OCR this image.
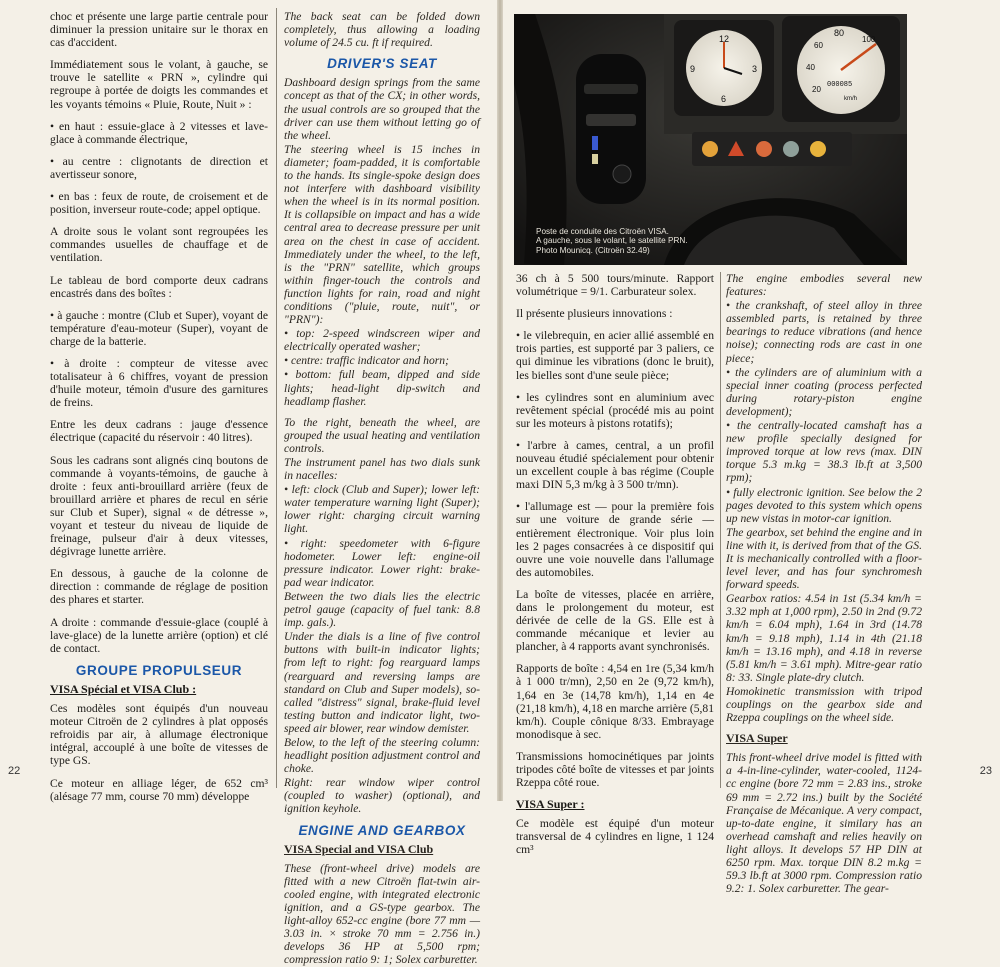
choc et présente une large partie centrale pour diminuer la pression unitaire sur le thorax en cas d'accident.

Immédiatement sous le volant, à gauche, se trouve le satellite « PRN », cylindre qui regroupe à portée de doigts les commandes et les voyants témoins « Pluie, Route, Nuit » :

• en haut : essuie-glace à 2 vitesses et lave-glace à commande électrique,

• au centre : clignotants de direction et avertisseur sonore,

• en bas : feux de route, de croisement et de position, inverseur route-code; appel optique.

A droite sous le volant sont regroupées les commandes usuelles de chauffage et de ventilation.

Le tableau de bord comporte deux cadrans encastrés dans des boîtes :

• à gauche : montre (Club et Super), voyant de température d'eau-moteur (Super), voyant de charge de la batterie.

• à droite : compteur de vitesse avec totalisateur à 6 chiffres, voyant de pression d'huile moteur, témoin d'usure des garnitures de freins.

Entre les deux cadrans : jauge d'essence électrique (capacité du réservoir : 40 litres).

Sous les cadrans sont alignés cinq boutons de commande à voyants-témoins, de gauche à droite : feux anti-brouillard arrière (feux de brouillard arrière et phares de recul en série sur Club et Super), signal « de détresse », voyant et testeur du niveau de liquide de freinage, pulseur d'air à deux vitesses, dégivrage lunette arrière.

En dessous, à gauche de la colonne de direction : commande de réglage de position des phares et starter.

A droite : commande d'essuie-glace (couplé à lave-glace) de la lunette arrière (option) et clé de contact.

GROUPE PROPULSEUR
VISA Spécial et VISA Club :

Ces modèles sont équipés d'un nouveau moteur Citroën de 2 cylindres à plat opposés refroidis par air, à allumage électronique intégral, accouplé à une boîte de vitesses de type GS.

Ce moteur en alliage léger, de 652 cm³ (alésage 77 mm, course 70 mm) développe

The back seat can be folded down completely, thus allowing a loading volume of 24.5 cu. ft if required.

DRIVER'S SEAT

Dashboard design springs from the same concept as that of the CX; in other words, the usual controls are so grouped that the driver can use them without letting go of the wheel.

The steering wheel is 15 inches in diameter; foam-padded, it is comfortable to the hands. Its single-spoke design does not interfere with dashboard visibility when the wheel is in its normal position. It is collapsible on impact and has a wide central area to decrease pressure per unit area on the chest in case of accident. Immediately under the wheel, to the left, is the "PRN" satellite, which groups within finger-touch the controls and function lights for rain, road and night conditions ("pluie, route, nuit", or "PRN"):

• top: 2-speed windscreen wiper and electrically operated washer;

• centre: traffic indicator and horn;

• bottom: full beam, dipped and side lights; head-light dip-switch and headlamp flasher.

To the right, beneath the wheel, are grouped the usual heating and ventilation controls.

The instrument panel has two dials sunk in nacelles:

• left: clock (Club and Super); lower left: water temperature warning light (Super); lower right: charging circuit warning light.

• right: speedometer with 6-figure hodometer. Lower left: engine-oil pressure indicator. Lower right: brake-pad wear indicator.

Between the two dials lies the electric petrol gauge (capacity of fuel tank: 8.8 imp. gals.).

Under the dials is a line of five control buttons with built-in indicator lights; from left to right: fog rearguard lamps (rearguard and reversing lamps are standard on Club and Super models), so-called "distress" signal, brake-fluid level testing button and indicator light, two-speed air blower, rear window demister.

Below, to the left of the steering column: headlight position adjustment control and choke.

Right: rear window wiper control (coupled to washer) (optional), and ignition keyhole.

ENGINE AND GEARBOX
VISA Special and VISA Club

These (front-wheel drive) models are fitted with a new Citroën flat-twin air-cooled engine, with integrated electronic ignition, and a GS-type gearbox. The light-alloy 652-cc engine (bore 77 mm — 3.03 in. × stroke 70 mm = 2.756 in.) develops 36 HP at 5,500 rpm; compression ratio 9: 1; Solex carburetter.

22
12
9	3
6
60
80
100
40
20 000085
km/h
Poste de conduite des Citroën VISA.
A gauche, sous le volant, le satellite PRN.
Photo Mounicq. (Citroën 32.49)

36 ch à 5 500 tours/minute. Rapport volumétrique = 9/1. Carburateur solex.

Il présente plusieurs innovations :

• le vilebrequin, en acier allié assemblé en trois parties, est supporté par 3 paliers, ce qui diminue les vibrations (donc le bruit), les bielles sont d'une seule pièce;

• les cylindres sont en aluminium avec revêtement spécial (procédé mis au point sur les moteurs à pistons rotatifs);

• l'arbre à cames, central, a un profil nouveau étudié spécialement pour obtenir un excellent couple à bas régime (Couple maxi DIN 5,3 m/kg à 3 500 tr/mn).

• l'allumage est — pour la première fois sur une voiture de grande série — entièrement électronique. Voir plus loin les 2 pages consacrées à ce dispositif qui ouvre une voie nouvelle dans l'allumage des automobiles.

La boîte de vitesses, placée en arrière, dans le prolongement du moteur, est dérivée de celle de la GS. Elle est à commande mécanique et levier au plancher, à 4 rapports avant synchronisés.

Rapports de boîte : 4,54 en 1re (5,34 km/h à 1 000 tr/mn), 2,50 en 2e (9,72 km/h), 1,64 en 3e (14,78 km/h), 1,14 en 4e (21,18 km/h), 4,18 en marche arrière (5,81 km/h). Couple cônique 8/33. Embrayage monodisque à sec.

Transmissions homocinétiques par joints tripodes côté boîte de vitesses et par joints Rzeppa côté roue.

VISA Super :

Ce modèle est équipé d'un moteur transversal de 4 cylindres en ligne, 1 124 cm³

The engine embodies several new features:

• the crankshaft, of steel alloy in three assembled parts, is retained by three bearings to reduce vibrations (and hence noise); connecting rods are cast in one piece;

• the cylinders are of aluminium with a special inner coating (process perfected during rotary-piston engine development);

• the centrally-located camshaft has a new profile specially designed for improved torque at low revs (max. DIN torque 5.3 m.kg = 38.3 lb.ft at 3,500 rpm);

• fully electronic ignition. See below the 2 pages devoted to this system which opens up new vistas in motor-car ignition.

The gearbox, set behind the engine and in line with it, is derived from that of the GS. It is mechanically controlled with a floor-level lever, and has four synchromesh forward speeds.

Gearbox ratios: 4.54 in 1st (5.34 km/h = 3.32 mph at 1,000 rpm), 2.50 in 2nd (9.72 km/h = 6.04 mph), 1.64 in 3rd (14.78 km/h = 9.18 mph), 1.14 in 4th (21.18 km/h = 13.16 mph), and 4.18 in reverse (5.81 km/h = 3.61 mph). Mitre-gear ratio 8: 33. Single plate-dry clutch.

Homokinetic transmission with tripod couplings on the gearbox side and Rzeppa couplings on the wheel side.

VISA Super

This front-wheel drive model is fitted with a 4-in-line-cylinder, water-cooled, 1124-cc engine (bore 72 mm = 2.83 ins., stroke 69 mm = 2.72 ins.) built by the Société Française de Mécanique. A very compact, up-to-date engine, it similary has an overhead camshaft and relies heavily on light alloys. It develops 57 HP DIN at 6250 rpm. Max. torque DIN 8.2 m.kg = 59.3 lb.ft at 3000 rpm. Compression ratio 9.2: 1. Solex carburetter. The gear-

23
